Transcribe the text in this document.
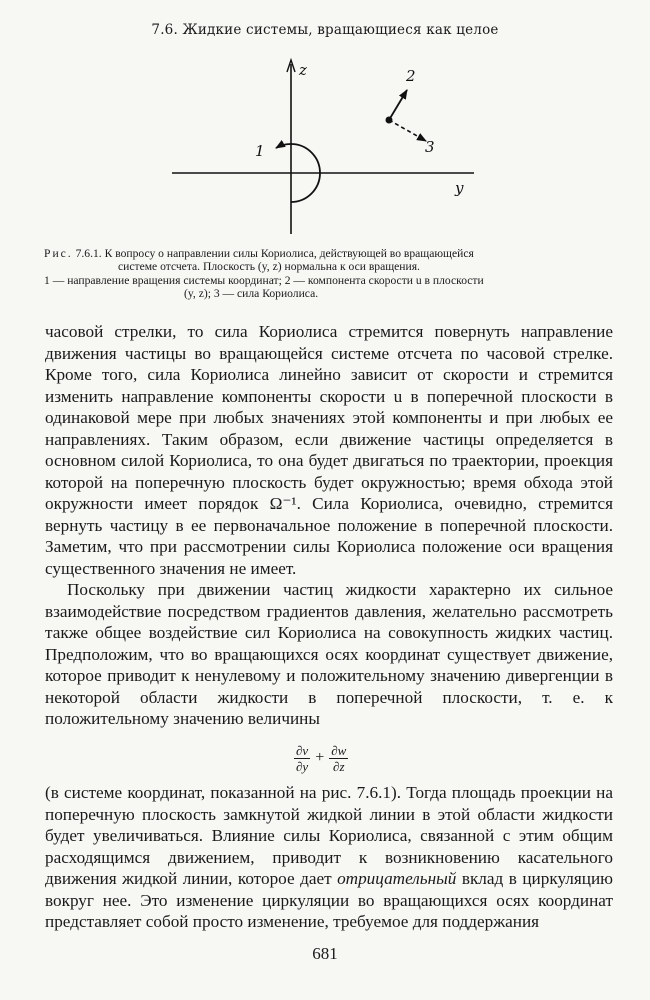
7.6. Жидкие системы, вращающиеся как целое
z
y
1
2
3
Рис. 7.6.1. К вопросу о направлении силы Кориолиса, действующей во вращающейся
системе отсчета. Плоскость (y, z) нормальна к оси вращения.
1 — направление вращения системы координат; 2 — компонента скорости u в плоскости
(y, z); 3 — сила Кориолиса.

часовой стрелки, то сила Кориолиса стремится повернуть направление движения частицы во вращающейся системе отсчета по часовой стрелке. Кроме того, сила Кориолиса линейно зависит от скорости и стремится изменить направление компоненты скорости u в поперечной плоскости в одинаковой мере при любых значениях этой компоненты и при любых ее направлениях. Таким образом, если движение частицы определяется в основном силой Кориолиса, то она будет двигаться по траектории, проекция которой на поперечную плоскость будет окружностью; время обхода этой окружности имеет порядок Ω⁻¹. Сила Кориолиса, очевидно, стремится вернуть частицу в ее первоначальное положение в поперечной плоскости. Заметим, что при рассмотрении силы Кориолиса положение оси вращения существенного значения не имеет.

Поскольку при движении частиц жидкости характерно их сильное взаимодействие посредством градиентов давления, желательно рассмотреть также общее воздействие сил Кориолиса на совокупность жидких частиц. Предположим, что во вращающихся осях координат существует движение, которое приводит к ненулевому и положительному значению дивергенции в некоторой области жидкости в поперечной плоскости, т. е. к положительному значению величины

$\frac{\partial v}{\partial y} + \frac{\partial w}{\partial z}$

(в системе координат, показанной на рис. 7.6.1). Тогда площадь проекции на поперечную плоскость замкнутой жидкой линии в этой области жидкости будет увеличиваться. Влияние силы Кориолиса, связанной с этим общим расходящимся движением, приводит к возникновению касательного движения жидкой линии, которое дает отрицательный вклад в циркуляцию вокруг нее. Это изменение циркуляции во вращающихся осях координат представляет собой просто изменение, требуемое для поддержания

681
